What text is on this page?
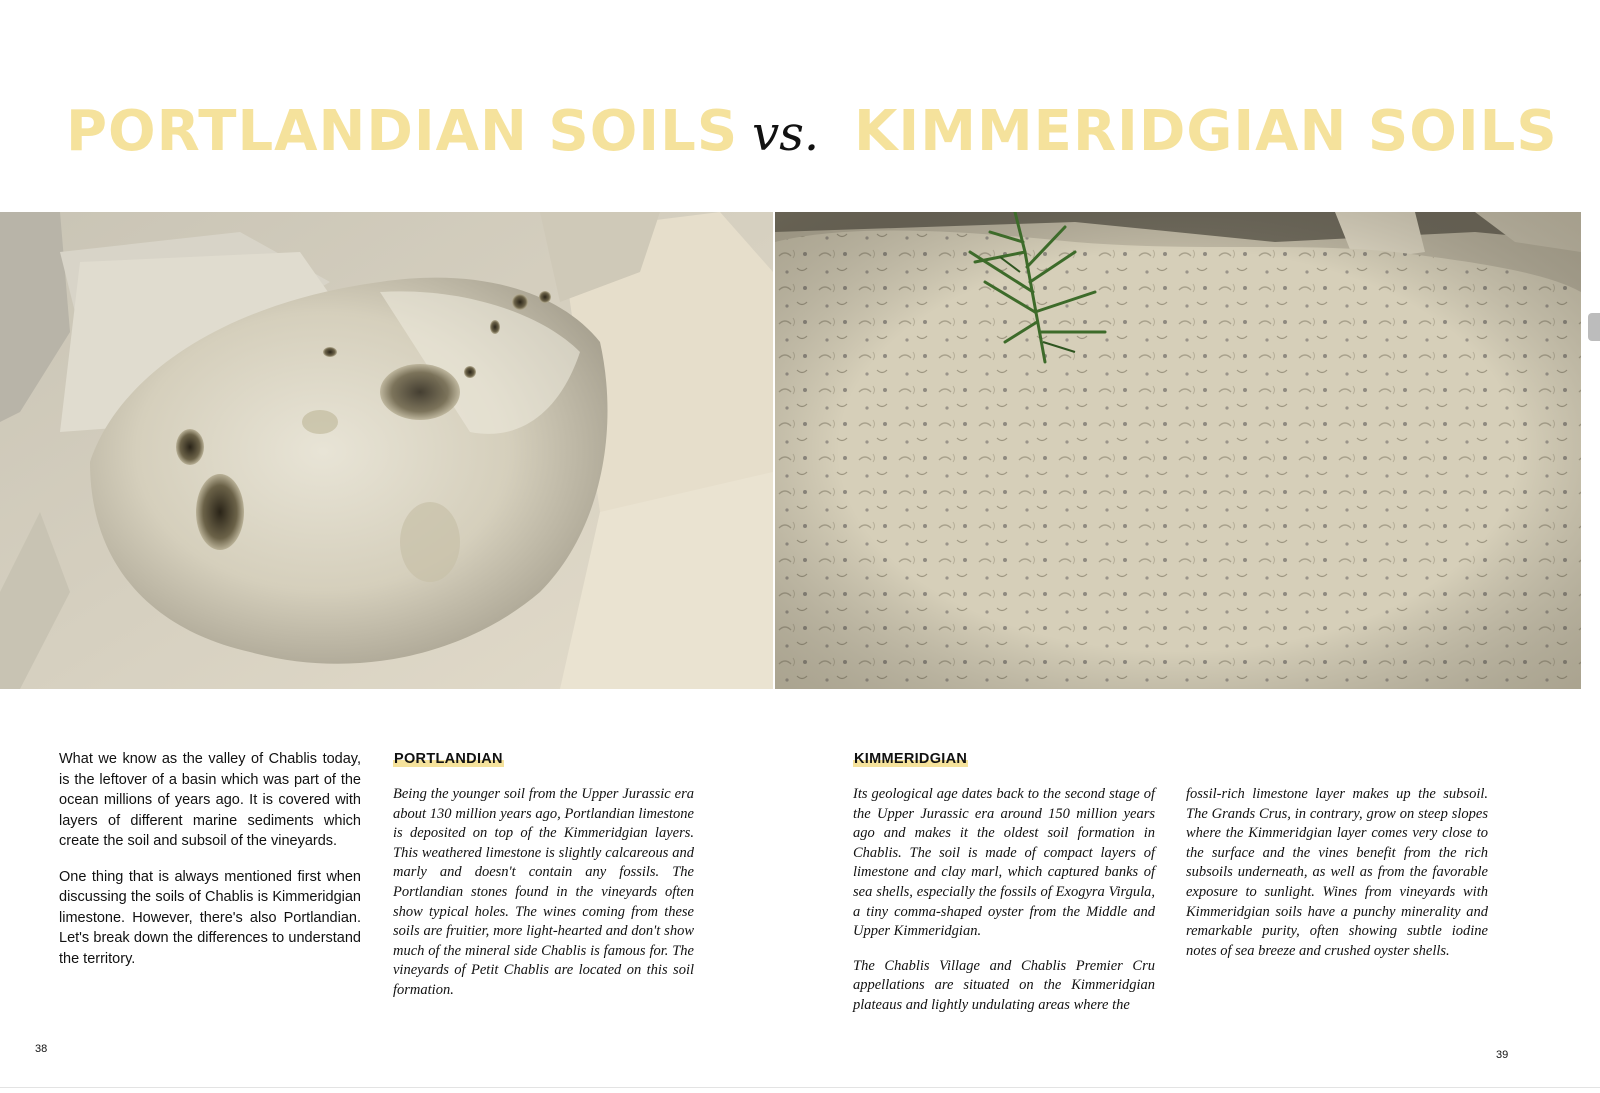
PORTLANDIAN SOILS vs. KIMMERIDGIAN SOILS

What we know as the valley of Chablis today, is the leftover of a basin which was part of the ocean millions of years ago. It is covered with layers of different marine sediments which create the soil and subsoil of the vineyards.

One thing that is always mentioned first when discussing the soils of Chablis is Kimmeridgian limestone. However, there's also Portlandian. Let's break down the differences to understand the territory.

PORTLANDIAN

Being the younger soil from the Upper Jurassic era about 130 million years ago, Portlandian limestone is deposited on top of the Kimmeridgian layers. This weathered limestone is slightly calcareous and marly and doesn't contain any fossils. The Portlandian stones found in the vineyards often show typical holes. The wines coming from these soils are fruitier, more light-hearted and don't show much of the mineral side Chablis is famous for. The vineyards of Petit Chablis are located on this soil formation.

KIMMERIDGIAN

Its geological age dates back to the second stage of the Upper Jurassic era around 150 million years ago and makes it the oldest soil formation in Chablis. The soil is made of compact layers of limestone and clay marl, which captured banks of sea shells, especially the fossils of Exogyra Virgula, a tiny comma-shaped oyster from the Middle and Upper Kimmeridgian.

The Chablis Village and Chablis Premier Cru appellations are situated on the Kimmeridgian plateaus and lightly undulating areas where the

fossil-rich limestone layer makes up the subsoil. The Grands Crus, in contrary, grow on steep slopes where the Kimmeridgian layer comes very close to the surface and the vines benefit from the rich subsoils underneath, as well as from the favorable exposure to sunlight. Wines from vineyards with Kimmeridgian soils have a punchy minerality and remarkable purity, often showing subtle iodine notes of sea breeze and crushed oyster shells.

38	39
